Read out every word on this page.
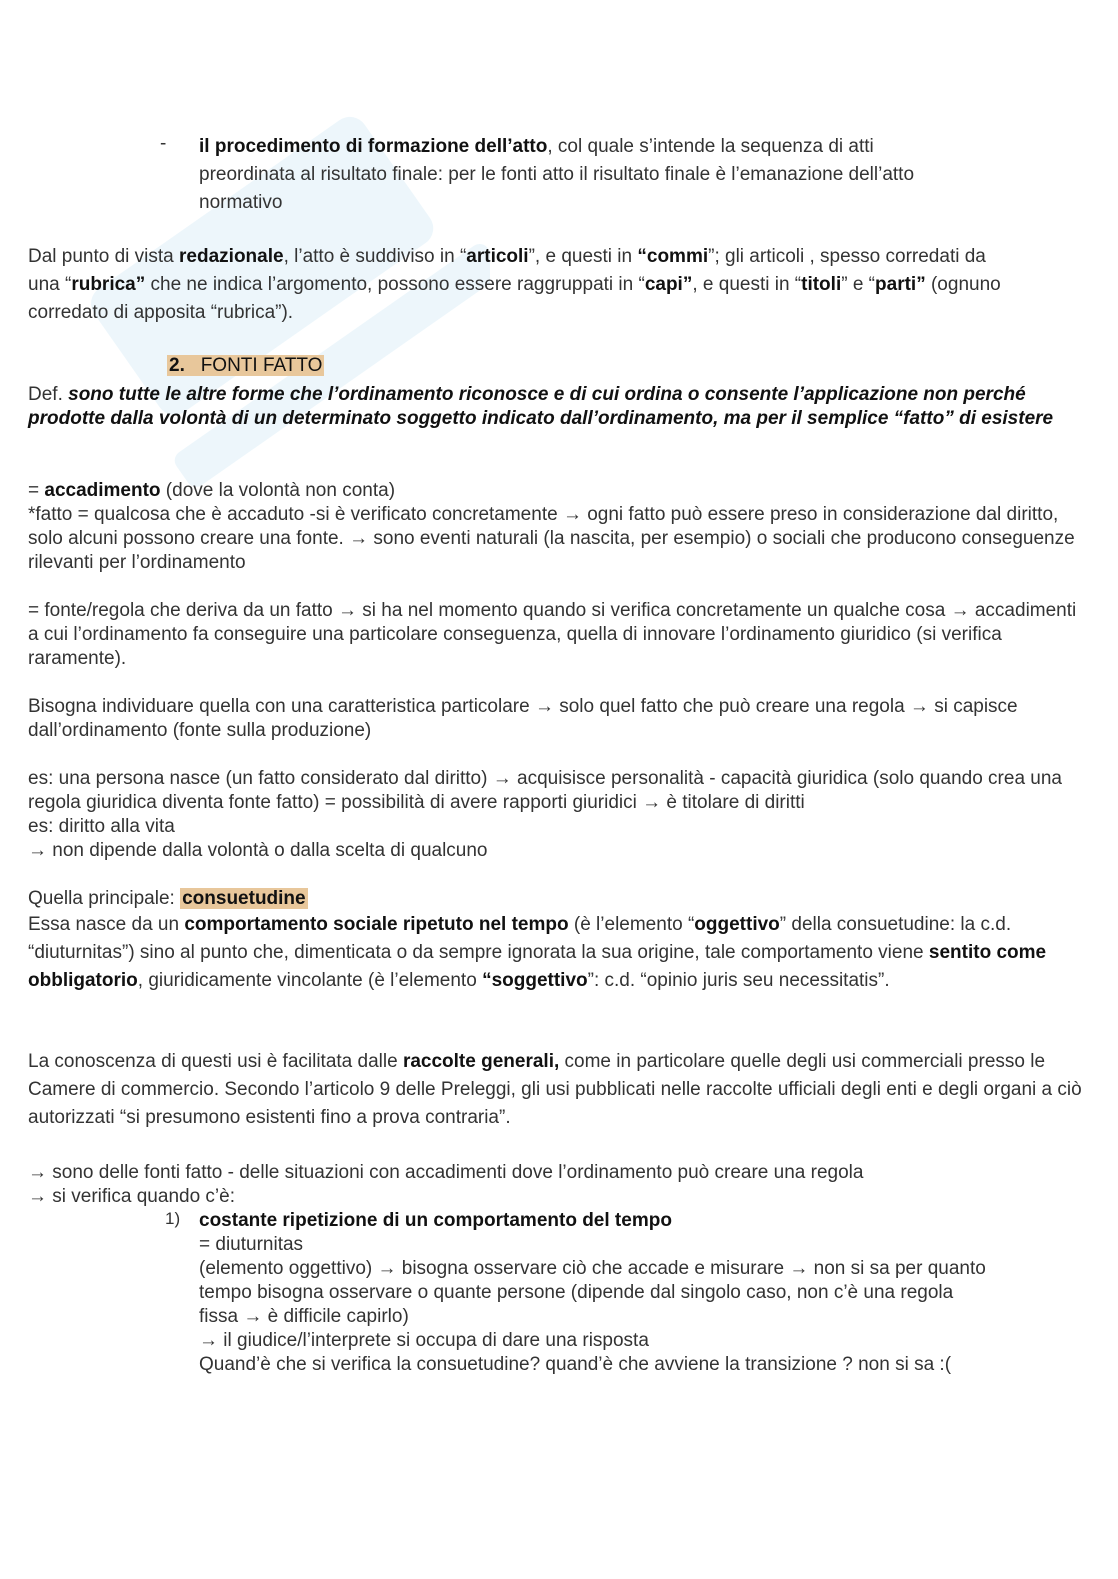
- il procedimento di formazione dell’atto, col quale s’intende la sequenza di atti preordinata al risultato finale: per le fonti atto il risultato finale è l’emanazione dell’atto normativo

Dal punto di vista redazionale, l’atto è suddiviso in “articoli”, e questi in “commi”; gli articoli , spesso corredati da una “rubrica” che ne indica l’argomento, possono essere raggruppati in “capi”, e questi in “titoli” e “parti” (ognuno corredato di apposita “rubrica”).

2. FONTI FATTO

Def. sono tutte le altre forme che l’ordinamento riconosce e di cui ordina o consente l’applicazione non perché prodotte dalla volontà di un determinato soggetto indicato dall’ordinamento, ma per il semplice “fatto” di esistere

= accadimento (dove la volontà non conta)

*fatto = qualcosa che è accaduto -si è verificato concretamente → ogni fatto può essere preso in considerazione dal diritto, solo alcuni possono creare una fonte. → sono eventi naturali (la nascita, per esempio) o sociali che producono conseguenze rilevanti per l’ordinamento

= fonte/regola che deriva da un fatto → si ha nel momento quando si verifica concretamente un qualche cosa → accadimenti a cui l’ordinamento fa conseguire una particolare conseguenza, quella di innovare l’ordinamento giuridico (si verifica raramente).

Bisogna individuare quella con una caratteristica particolare → solo quel fatto che può creare una regola → si capisce dall’ordinamento (fonte sulla produzione)

es: una persona nasce (un fatto considerato dal diritto) → acquisisce personalità - capacità giuridica (solo quando crea una regola giuridica diventa fonte fatto) = possibilità di avere rapporti giuridici → è titolare di diritti

es: diritto alla vita

→ non dipende dalla volontà o dalla scelta di qualcuno

Quella principale: consuetudine

Essa nasce da un comportamento sociale ripetuto nel tempo (è l’elemento “oggettivo” della consuetudine: la c.d. “diuturnitas”) sino al punto che, dimenticata o da sempre ignorata la sua origine, tale comportamento viene sentito come obbligatorio, giuridicamente vincolante (è l’elemento “soggettivo”: c.d. “opinio juris seu necessitatis”.

La conoscenza di questi usi è facilitata dalle raccolte generali, come in particolare quelle degli usi commerciali presso le Camere di commercio. Secondo l’articolo 9 delle Preleggi, gli usi pubblicati nelle raccolte ufficiali degli enti e degli organi a ciò autorizzati “si presumono esistenti fino a prova contraria”.

→ sono delle fonti fatto - delle situazioni con accadimenti dove l’ordinamento può creare una regola

→ si verifica quando c’è:

1) costante ripetizione di un comportamento del tempo

= diuturnitas

(elemento oggettivo) → bisogna osservare ciò che accade e misurare → non si sa per quanto tempo bisogna osservare o quante persone (dipende dal singolo caso, non c’è una regola fissa → è difficile capirlo)

→ il giudice/l’interprete si occupa di dare una risposta

Quand’è che si verifica la consuetudine? quand’è che avviene la transizione ? non si sa :(
